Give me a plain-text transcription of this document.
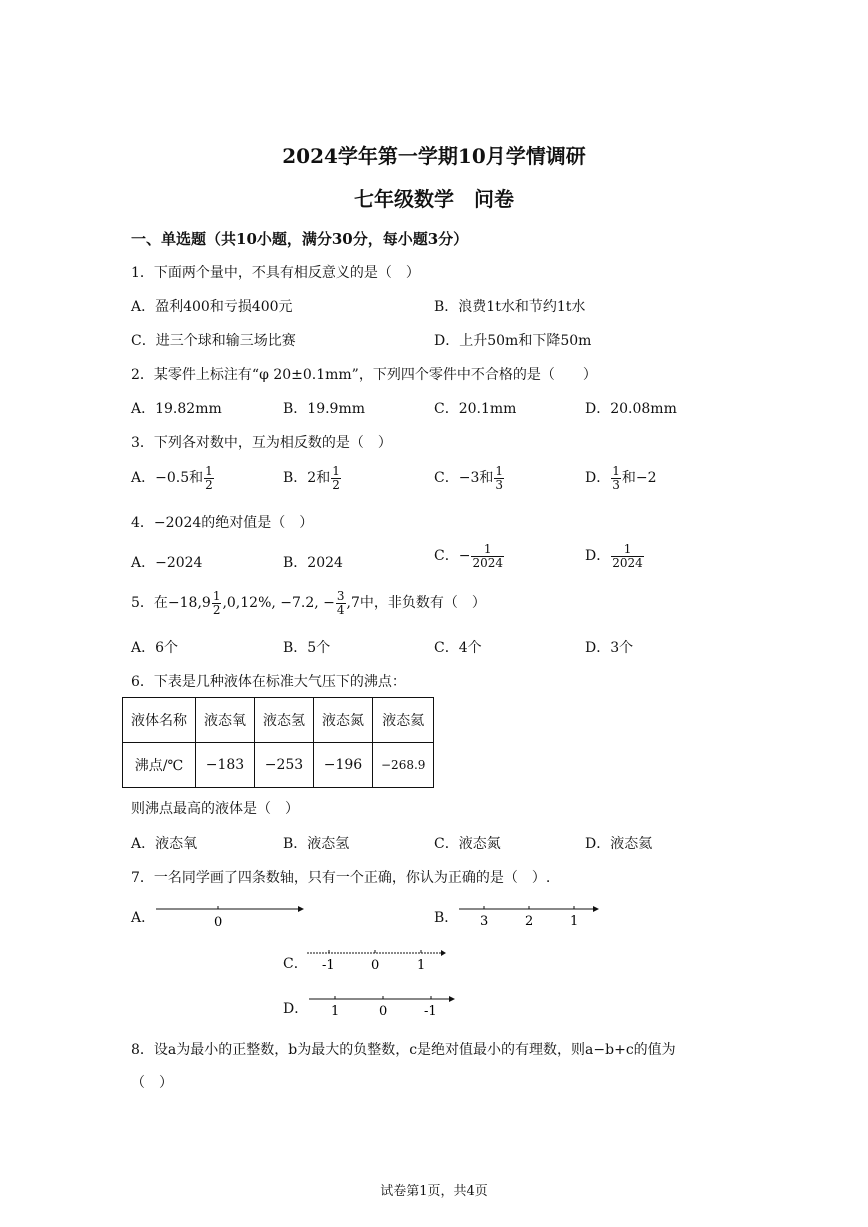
2024学年第一学期10月学情调研
七年级数学　问卷
一、单选题（共10小题，满分30分，每小题3分）
1．下面两个量中，不具有相反意义的是（　）
A．盈利400和亏损400元	B．浪费1t水和节约1t水
C．进三个球和输三场比赛	D．上升50m和下降50m
2．某零件上标注有“φ 20±0.1mm”，下列四个零件中不合格的是（　　）
A．19.82mm	B．19.9mm	C．20.1mm	D．20.08mm
3．下列各对数中，互为相反数的是（　）
A．−0.5和 $\frac{1}{2}$	B．2和 $\frac{1}{2}$	C．−3和 $\frac{1}{3}$	D． $\frac{1}{3}$ 和−2
4．−2024的绝对值是（　）
A．−2024	B．2024	C．− $\frac{1}{2024}$	D． $\frac{1}{2024}$
5．在$-18,9 \frac{1}{2} ,0,12\%$, −7.2, − $\frac{3}{4} ,7$中，非负数有（　）
A．6个	B．5个	C．4个	D．3个
6．下表是几种液体在标准大气压下的沸点：
液体名称	液态氧	液态氢	液态氮	液态氦
沸点/℃	−183	−253	−196	−268.9
则沸点最高的液体是（　）
A．液态氧	B．液态氢	C．液态氮	D．液态氦
7．一名同学画了四条数轴，只有一个正确，你认为正确的是（　）.
A．	0	B． 3	2	1
C． -1	0	1
D． 1	0	-1
8．设a为最小的正整数，b为最大的负整数，c是绝对值最小的有理数，则a−b+c的值为
（　）
试卷第1页，共4页
